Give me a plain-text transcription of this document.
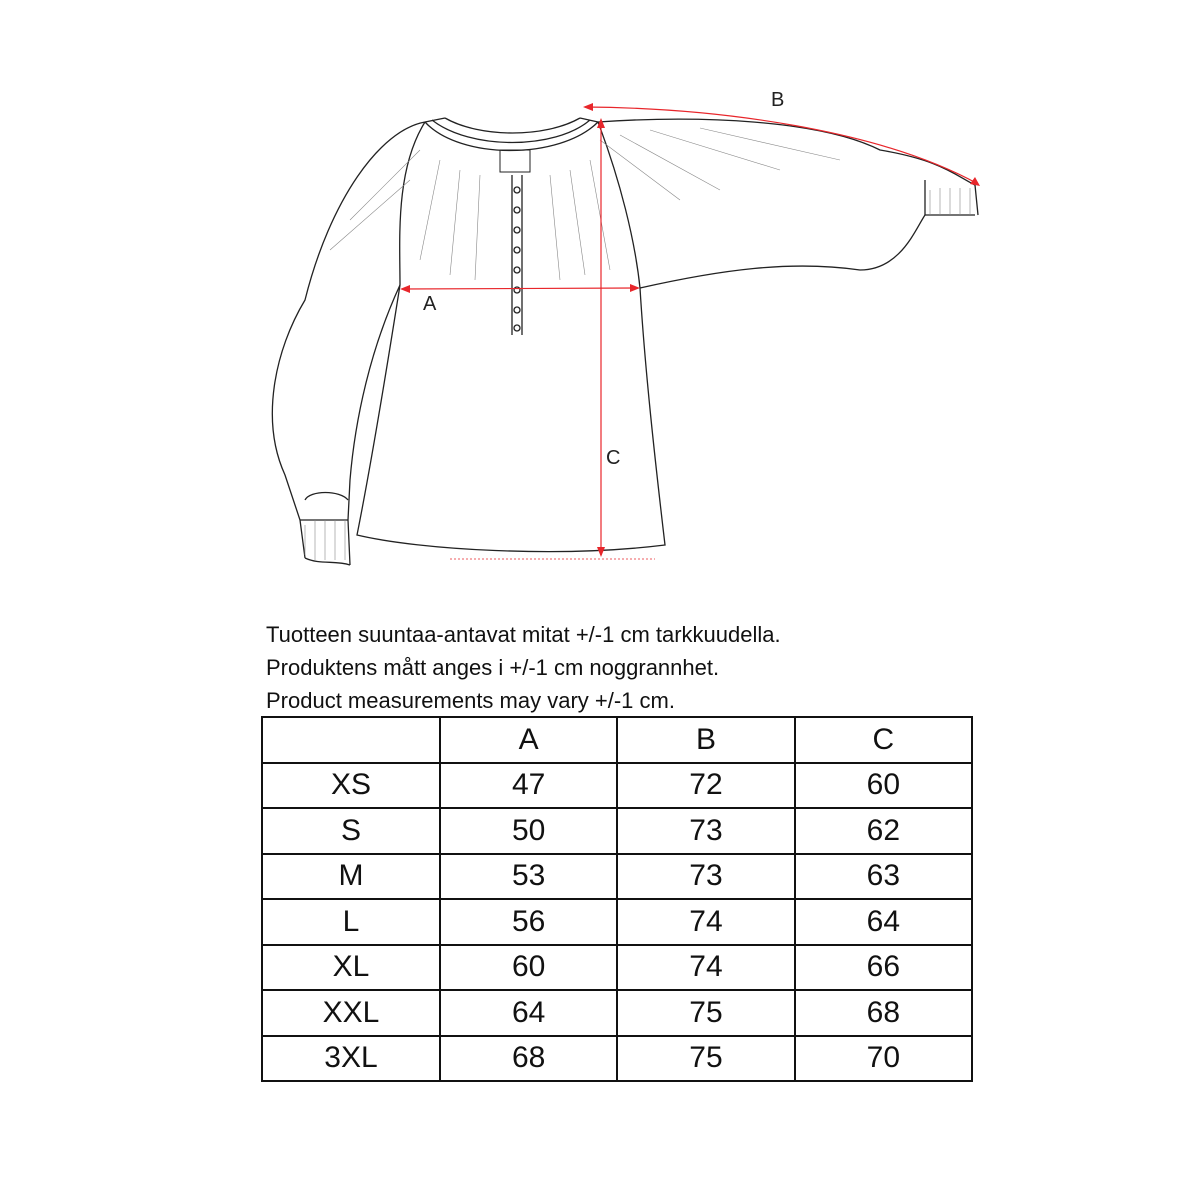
A
B
C
Tuotteen suuntaa-antavat mitat +/-1 cm tarkkuudella.
Produktens mått anges i +/-1 cm noggrannhet.
Product measurements may vary +/-1 cm.
	A	B	C
XS	47	72	60
S	50	73	62
M	53	73	63
L	56	74	64
XL	60	74	66
XXL	64	75	68
3XL	68	75	70
